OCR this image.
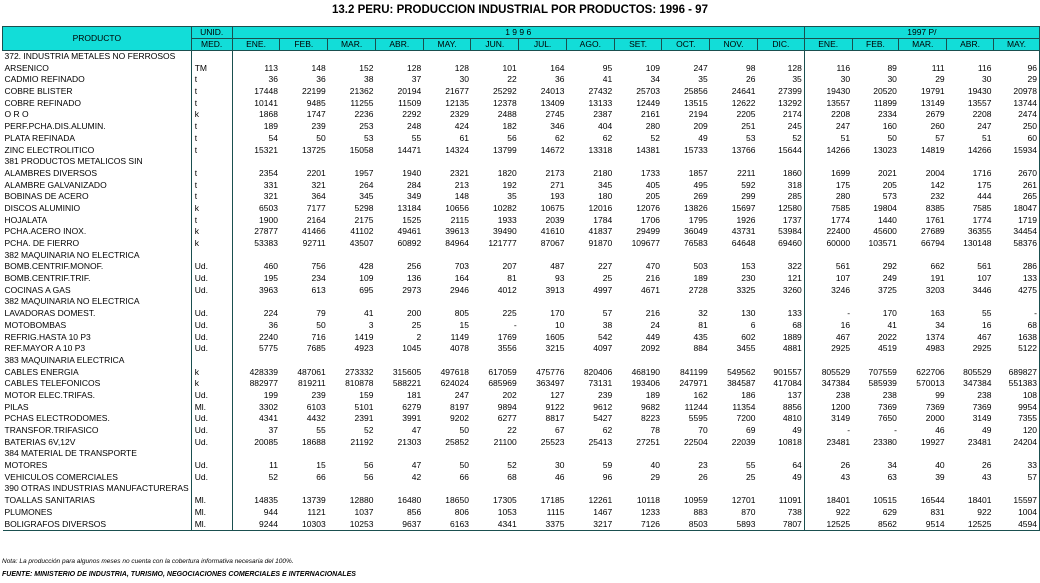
13.2 PERU: PRODUCCION INDUSTRIAL POR PRODUCTOS: 1996 - 97
PRODUCTO	UNID.	1 9 9 6												1997 P/				
	MED.	ENE.	FEB.	MAR.	ABR.	MAY.	JUN.	JUL.	AGO.	SET.	OCT.	NOV.	DIC.	ENE.	FEB.	MAR.	ABR.	MAY.
372. INDUSTRIA METALES NO FERROSOS																		
ARSENICO	TM	113	148	152	128	128	101	164	95	109	247	98	128	116	89	111	116	96
CADMIO REFINADO	t	36	36	38	37	30	22	36	41	34	35	26	35	30	30	29	30	29
COBRE BLISTER	t	17448	22199	21362	20194	21677	25292	24013	27432	25703	25856	24641	27399	19430	20520	19791	19430	20978
COBRE REFINADO	t	10141	9485	11255	11509	12135	12378	13409	13133	12449	13515	12622	13292	13557	11899	13149	13557	13744
O R O	k	1868	1747	2236	2292	2329	2488	2745	2387	2161	2194	2205	2174	2208	2334	2679	2208	2474
PERF.PCHA.DIS.ALUMIN.	t	189	239	253	248	424	182	346	404	280	209	251	245	247	160	260	247	250
PLATA REFINADA	t	54	50	53	55	61	56	62	62	52	49	53	52	51	50	57	51	60
ZINC ELECTROLITICO	t	15321	13725	15058	14471	14324	13799	14672	13318	14381	15733	13766	15644	14266	13023	14819	14266	15934
381 PRODUCTOS METALICOS SIN																		
ALAMBRES DIVERSOS	t	2354	2201	1957	1940	2321	1820	2173	2180	1733	1857	2211	1860	1699	2021	2004	1716	2670
ALAMBRE GALVANIZADO	t	331	321	264	284	213	192	271	345	405	495	592	318	175	205	142	175	261
BOBINAS DE ACERO	t	321	364	345	349	148	35	193	180	205	269	299	285	280	573	232	444	265
DISCOS ALUMINIO	k	6503	7177	5298	13184	10656	10282	10675	12016	12076	13826	15697	12580	7585	19804	8385	7585	18047
HOJALATA	t	1900	2164	2175	1525	2115	1933	2039	1784	1706	1795	1926	1737	1774	1440	1761	1774	1719
PCHA.ACERO INOX.	k	27877	41466	41102	49461	39613	39490	41610	41837	29499	36049	43731	53984	22400	45600	27689	36355	34454
PCHA. DE FIERRO	k	53383	92711	43507	60892	84964	121777	87067	91870	109677	76583	64648	69460	60000	103571	66794	130148	58376
382 MAQUINARIA NO ELECTRICA																		
BOMB.CENTRIF.MONOF.	Ud.	460	756	428	256	703	207	487	227	470	503	153	322	561	292	662	561	286
BOMB.CENTRIF.TRIF.	Ud.	195	234	109	136	164	81	93	25	216	189	230	121	107	249	191	107	133
COCINAS A GAS	Ud.	3963	613	695	2973	2946	4012	3913	4997	4671	2728	3325	3260	3246	3725	3203	3446	4275
382 MAQUINARIA NO ELECTRICA																		
LAVADORAS DOMEST.	Ud.	224	79	41	200	805	225	170	57	216	32	130	133	-	170	163	55	-
MOTOBOMBAS	Ud.	36	50	3	25	15	-	10	38	24	81	6	68	16	41	34	16	68
REFRIG.HASTA 10 P3	Ud.	2240	716	1419	2	1149	1769	1605	542	449	435	602	1889	467	2022	1374	467	1638
REF.MAYOR A 10 P3	Ud.	5775	7685	4923	1045	4078	3556	3215	4097	2092	884	3455	4881	2925	4519	4983	2925	5122
383 MAQUINARIA ELECTRICA																		
CABLES ENERGIA	k	428339	487061	273332	315605	497618	617059	475776	820406	468190	841199	549562	901557	805529	707559	622706	805529	689827
CABLES TELEFONICOS	k	882977	819211	810878	588221	624024	685969	363497	73131	193406	247971	384587	417084	347384	585939	570013	347384	551383
MOTOR ELEC.TRIFAS.	Ud.	199	239	159	181	247	202	127	239	189	162	186	137	238	238	99	238	108
PILAS	Ml.	3302	6103	5101	6279	8197	9894	9122	9612	9682	11244	11354	8856	1200	7369	7369	7369	9954
PCHAS ELECTRODOMES.	Ud.	4341	4432	2391	3991	9202	6277	8817	5427	8223	5595	7200	4810	3149	7650	2000	3149	7355
TRANSFOR.TRIFASICO	Ud.	37	55	52	47	50	22	67	62	78	70	69	49	-	-	46	49	120
BATERIAS 6V,12V	Ud.	20085	18688	21192	21303	25852	21100	25523	25413	27251	22504	22039	10818	23481	23380	19927	23481	24204
384 MATERIAL DE TRANSPORTE																		
MOTORES	Ud.	11	15	56	47	50	52	30	59	40	23	55	64	26	34	40	26	33
VEHICULOS COMERCIALES	Ud.	52	66	56	42	66	68	46	96	29	26	25	49	43	63	39	43	57
390 OTRAS INDUSTRIAS MANUFACTURERAS																		
TOALLAS SANITARIAS	Ml.	14835	13739	12880	16480	18650	17305	17185	12261	10118	10959	12701	11091	18401	10515	16544	18401	15597
PLUMONES	Ml.	944	1121	1037	856	806	1053	1115	1467	1233	883	870	738	922	629	831	922	1004
BOLIGRAFOS DIVERSOS	Ml.	9244	10303	10253	9637	6163	4341	3375	3217	7126	8503	5893	7807	12525	8562	9514	12525	4594
Nota: La producción para algunos meses no cuenta con la cobertura informativa necesaria del 100%.
FUENTE: MINISTERIO DE INDUSTRIA, TURISMO, NEGOCIACIONES COMERCIALES E INTERNACIONALES
